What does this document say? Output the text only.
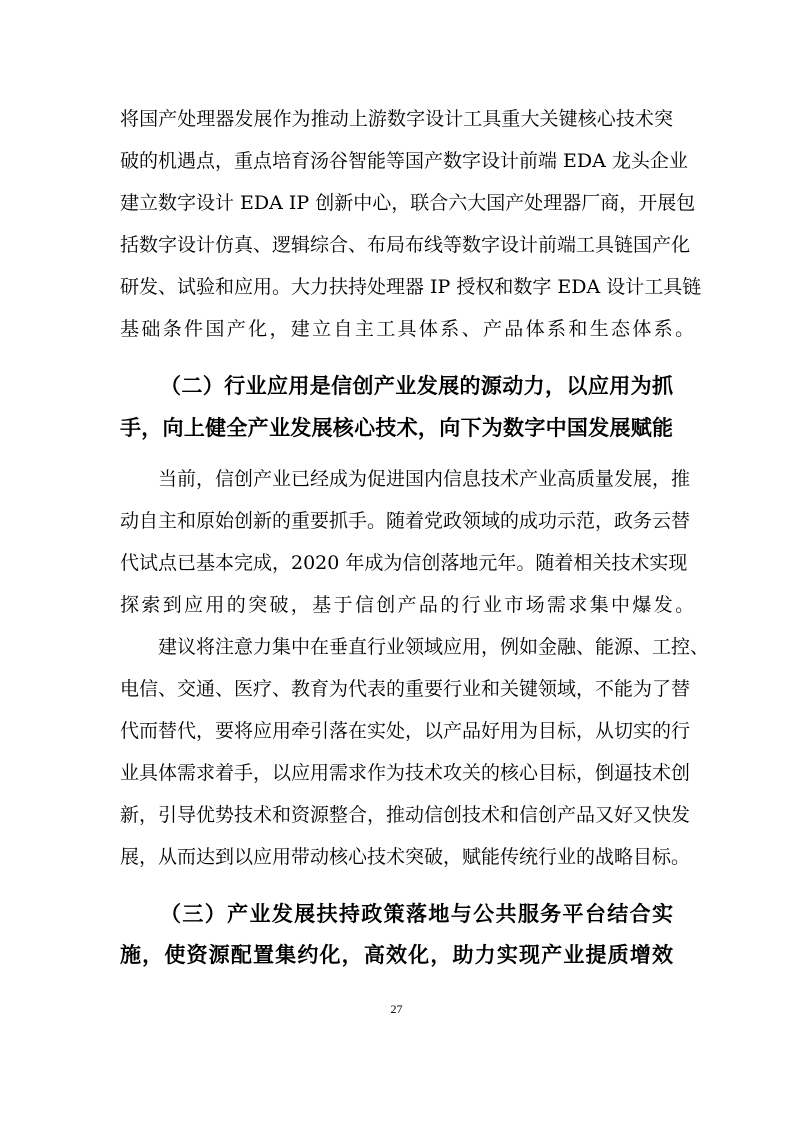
将国产处理器发展作为推动上游数字设计工具重大关键核心技术突
破的机遇点，重点培育汤谷智能等国产数字设计前端 EDA 龙头企业
建立数字设计 EDA IP 创新中心，联合六大国产处理器厂商，开展包
括数字设计仿真、逻辑综合、布局布线等数字设计前端工具链国产化
研发、试验和应用。大力扶持处理器 IP 授权和数字 EDA 设计工具链
基础条件国产化，建立自主工具体系、产品体系和生态体系。
（二）行业应用是信创产业发展的源动力，以应用为抓
手，向上健全产业发展核心技术，向下为数字中国发展赋能
当前，信创产业已经成为促进国内信息技术产业高质量发展，推
动自主和原始创新的重要抓手。随着党政领域的成功示范，政务云替
代试点已基本完成，2020 年成为信创落地元年。随着相关技术实现
探索到应用的突破，基于信创产品的行业市场需求集中爆发。
建议将注意力集中在垂直行业领域应用，例如金融、能源、工控、
电信、交通、医疗、教育为代表的重要行业和关键领域，不能为了替
代而替代，要将应用牵引落在实处，以产品好用为目标，从切实的行
业具体需求着手，以应用需求作为技术攻关的核心目标，倒逼技术创
新，引导优势技术和资源整合，推动信创技术和信创产品又好又快发
展，从而达到以应用带动核心技术突破，赋能传统行业的战略目标。
（三）产业发展扶持政策落地与公共服务平台结合实
施，使资源配置集约化，高效化，助力实现产业提质增效
27
